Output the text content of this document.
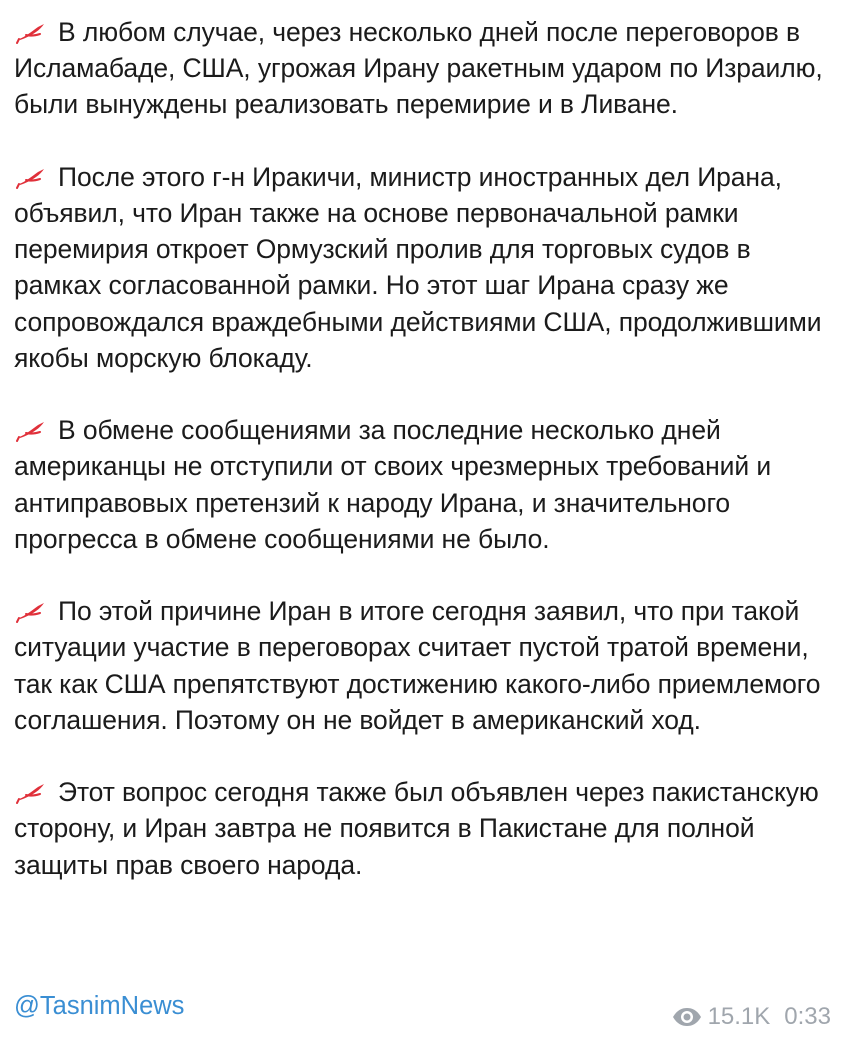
В любом случае, через несколько дней после переговоров в Исламабаде, США, угрожая Ирану ракетным ударом по Израилю, были вынуждены реализовать перемирие и в Ливане.

После этого г-н Иракичи, министр иностранных дел Ирана, объявил, что Иран также на основе первоначальной рамки перемирия откроет Ормузский пролив для торговых судов в рамках согласованной рамки. Но этот шаг Ирана сразу же сопровождался враждебными действиями США, продолжившими якобы морскую блокаду.

В обмене сообщениями за последние несколько дней американцы не отступили от своих чрезмерных требований и антиправовых претензий к народу Ирана, и значительного прогресса в обмене сообщениями не было.

По этой причине Иран в итоге сегодня заявил, что при такой ситуации участие в переговорах считает пустой тратой времени, так как США препятствуют достижению какого-либо приемлемого соглашения. Поэтому он не войдет в американский ход.

Этот вопрос сегодня также был объявлен через пакистанскую сторону, и Иран завтра не появится в Пакистане для полной защиты прав своего народа.

@TasnimNews	15.1K 0:33
